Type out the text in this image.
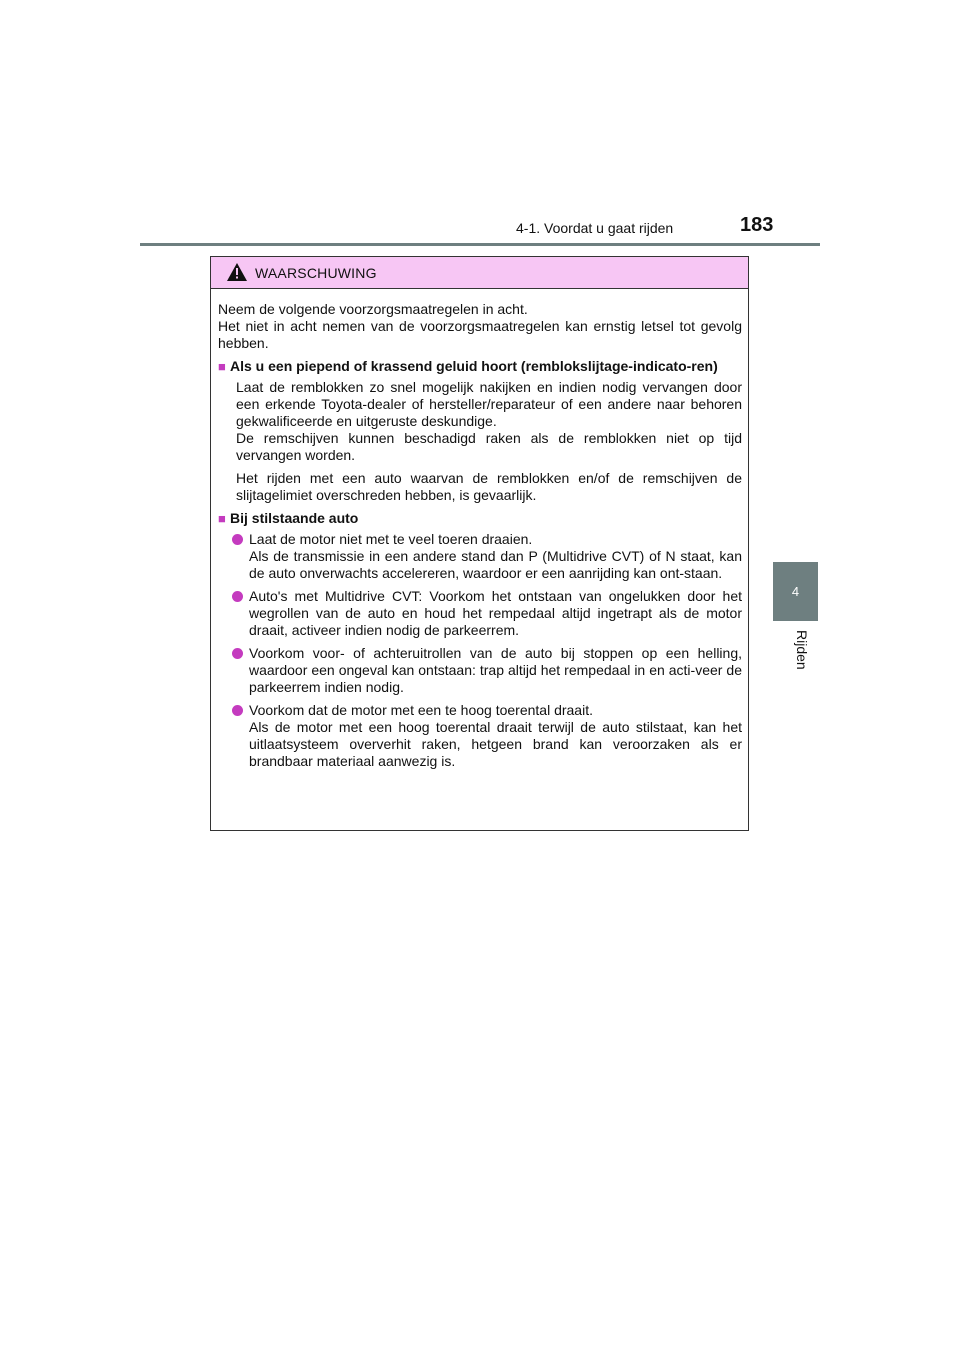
4-1. Voordat u gaat rijden	183
4
Rijden
WAARSCHUWING
Neem de volgende voorzorgsmaatregelen in acht.
Het niet in acht nemen van de voorzorgsmaatregelen kan ernstig letsel tot gevolg hebben.
■ Als u een piepend of krassend geluid hoort (remblokslijtage-indicato-ren)
Laat de remblokken zo snel mogelijk nakijken en indien nodig vervangen door een erkende Toyota-dealer of hersteller/reparateur of een andere naar behoren gekwalificeerde en uitgeruste deskundige.
De remschijven kunnen beschadigd raken als de remblokken niet op tijd vervangen worden.
Het rijden met een auto waarvan de remblokken en/of de remschijven de slijtagelimiet overschreden hebben, is gevaarlijk.
■ Bij stilstaande auto
Laat de motor niet met te veel toeren draaien.
Als de transmissie in een andere stand dan P (Multidrive CVT) of N staat, kan de auto onverwachts accelereren, waardoor er een aanrijding kan ont-staan.
Auto's met Multidrive CVT: Voorkom het ontstaan van ongelukken door het wegrollen van de auto en houd het rempedaal altijd ingetrapt als de motor draait, activeer indien nodig de parkeerrem.
Voorkom voor- of achteruitrollen van de auto bij stoppen op een helling, waardoor een ongeval kan ontstaan: trap altijd het rempedaal in en acti-veer de parkeerrem indien nodig.
Voorkom dat de motor met een te hoog toerental draait.
Als de motor met een hoog toerental draait terwijl de auto stilstaat, kan het uitlaatsysteem oververhit raken, hetgeen brand kan veroorzaken als er brandbaar materiaal aanwezig is.
